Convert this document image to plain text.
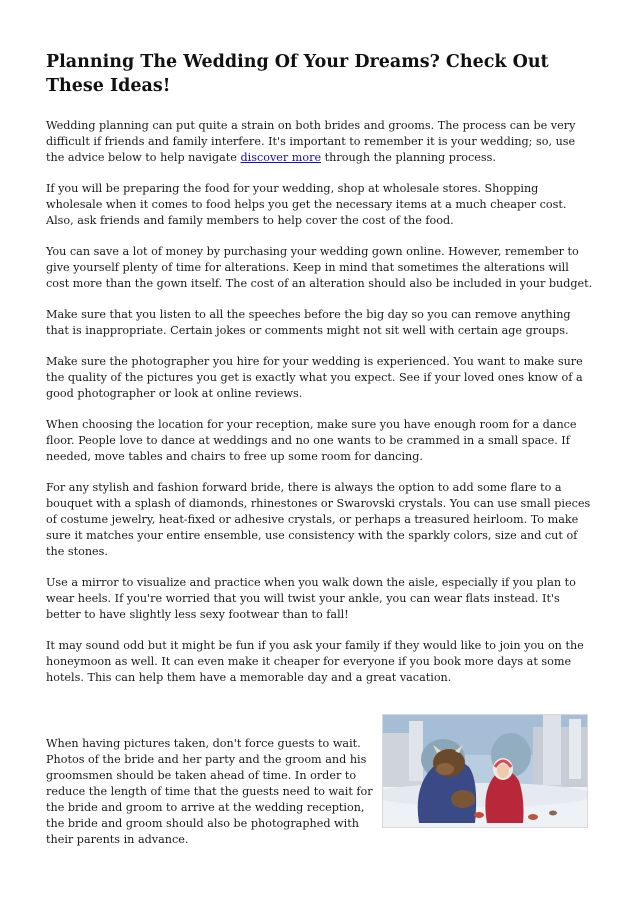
Planning The Wedding Of Your Dreams? Check Out These Ideas!

Wedding planning can put quite a strain on both brides and grooms. The process can be very difficult if friends and family interfere. It's important to remember it is your wedding; so, use the advice below to help navigate discover more through the planning process.

If you will be preparing the food for your wedding, shop at wholesale stores. Shopping wholesale when it comes to food helps you get the necessary items at a much cheaper cost. Also, ask friends and family members to help cover the cost of the food.

You can save a lot of money by purchasing your wedding gown online. However, remember to give yourself plenty of time for alterations. Keep in mind that sometimes the alterations will cost more than the gown itself. The cost of an alteration should also be included in your budget.

Make sure that you listen to all the speeches before the big day so you can remove anything that is inappropriate. Certain jokes or comments might not sit well with certain age groups.

Make sure the photographer you hire for your wedding is experienced. You want to make sure the quality of the pictures you get is exactly what you expect. See if your loved ones know of a good photographer or look at online reviews.

When choosing the location for your reception, make sure you have enough room for a dance floor. People love to dance at weddings and no one wants to be crammed in a small space. If needed, move tables and chairs to free up some room for dancing.

For any stylish and fashion forward bride, there is always the option to add some flare to a bouquet with a splash of diamonds, rhinestones or Swarovski crystals. You can use small pieces of costume jewelry, heat-fixed or adhesive crystals, or perhaps a treasured heirloom. To make sure it matches your entire ensemble, use consistency with the sparkly colors, size and cut of the stones.

Use a mirror to visualize and practice when you walk down the aisle, especially if you plan to wear heels. If you're worried that you will twist your ankle, you can wear flats instead. It's better to have slightly less sexy footwear than to fall!

It may sound odd but it might be fun if you ask your family if they would like to join you on the honeymoon as well. It can even make it cheaper for everyone if you book more days at some hotels. This can help them have a memorable day and a great vacation.

When having pictures taken, don't force guests to wait. Photos of the bride and her party and the groom and his groomsmen should be taken ahead of time. In order to reduce the length of time that the guests need to wait for the bride and groom to arrive at the wedding reception, the bride and groom should also be photographed with their parents in advance.
